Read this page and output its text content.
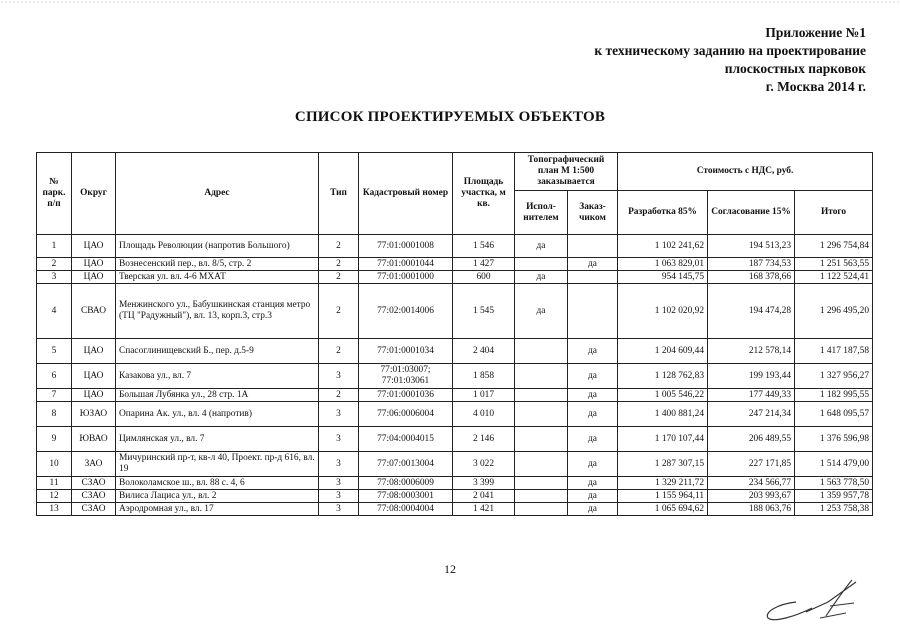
Приложение №1
к техническому заданию на проектирование
плоскостных парковок
г. Москва 2014 г.
СПИСОК ПРОЕКТИРУЕМЫХ ОБЪЕКТОВ
№ парк. п/п	Округ	Адрес	Тип	Кадастровый номер	Площадь участка, м кв.	Топографический план М 1:500 заказывается		Стоимость с НДС, руб.		
						Испол-нителем	Заказ-чиком	Разработка 85%	Согласование 15%	Итого
1	ЦАО	Площадь Революции (напротив Большого)	2	77:01:0001008	1 546	да		1 102 241,62	194 513,23	1 296 754,84
2	ЦАО	Вознесенский пер., вл. 8/5, стр. 2	2	77:01:0001044	1 427		да	1 063 829,01	187 734,53	1 251 563,55
3	ЦАО	Тверская ул. вл. 4-6 МХАТ	2	77:01:0001000	600	да		954 145,75	168 378,66	1 122 524,41
4	СВАО	Менжинского ул., Бабушкинская станция метро (ТЦ "Радужный"), вл. 13, корп.3, стр.3	2	77:02:0014006	1 545	да		1 102 020,92	194 474,28	1 296 495,20
5	ЦАО	Спасоглинищевский Б., пер. д.5-9	2	77:01:0001034	2 404		да	1 204 609,44	212 578,14	1 417 187,58
6	ЦАО	Казакова ул., вл. 7	3	77:01:03007; 77:01:03061	1 858		да	1 128 762,83	199 193,44	1 327 956,27
7	ЦАО	Большая Лубянка ул., 28 стр. 1А	2	77:01:0001036	1 017		да	1 005 546,22	177 449,33	1 182 995,55
8	ЮЗАО	Опарина Ак. ул., вл. 4 (напротив)	3	77:06:0006004	4 010		да	1 400 881,24	247 214,34	1 648 095,57
9	ЮВАО	Цимлянская ул., вл. 7	3	77:04:0004015	2 146		да	1 170 107,44	206 489,55	1 376 596,98
10	ЗАО	Мичуринский пр-т, кв-л 40, Проект. пр-д 616, вл. 19	3	77:07:0013004	3 022		да	1 287 307,15	227 171,85	1 514 479,00
11	СЗАО	Волоколамское ш., вл. 88 с. 4, 6	3	77:08:0006009	3 399		да	1 329 211,72	234 566,77	1 563 778,50
12	СЗАО	Вилиса Лациса ул., вл. 2	3	77:08:0003001	2 041		да	1 155 964,11	203 993,67	1 359 957,78
13	СЗАО	Аэродромная ул., вл. 17	3	77:08:0004004	1 421		да	1 065 694,62	188 063,76	1 253 758,38
12
